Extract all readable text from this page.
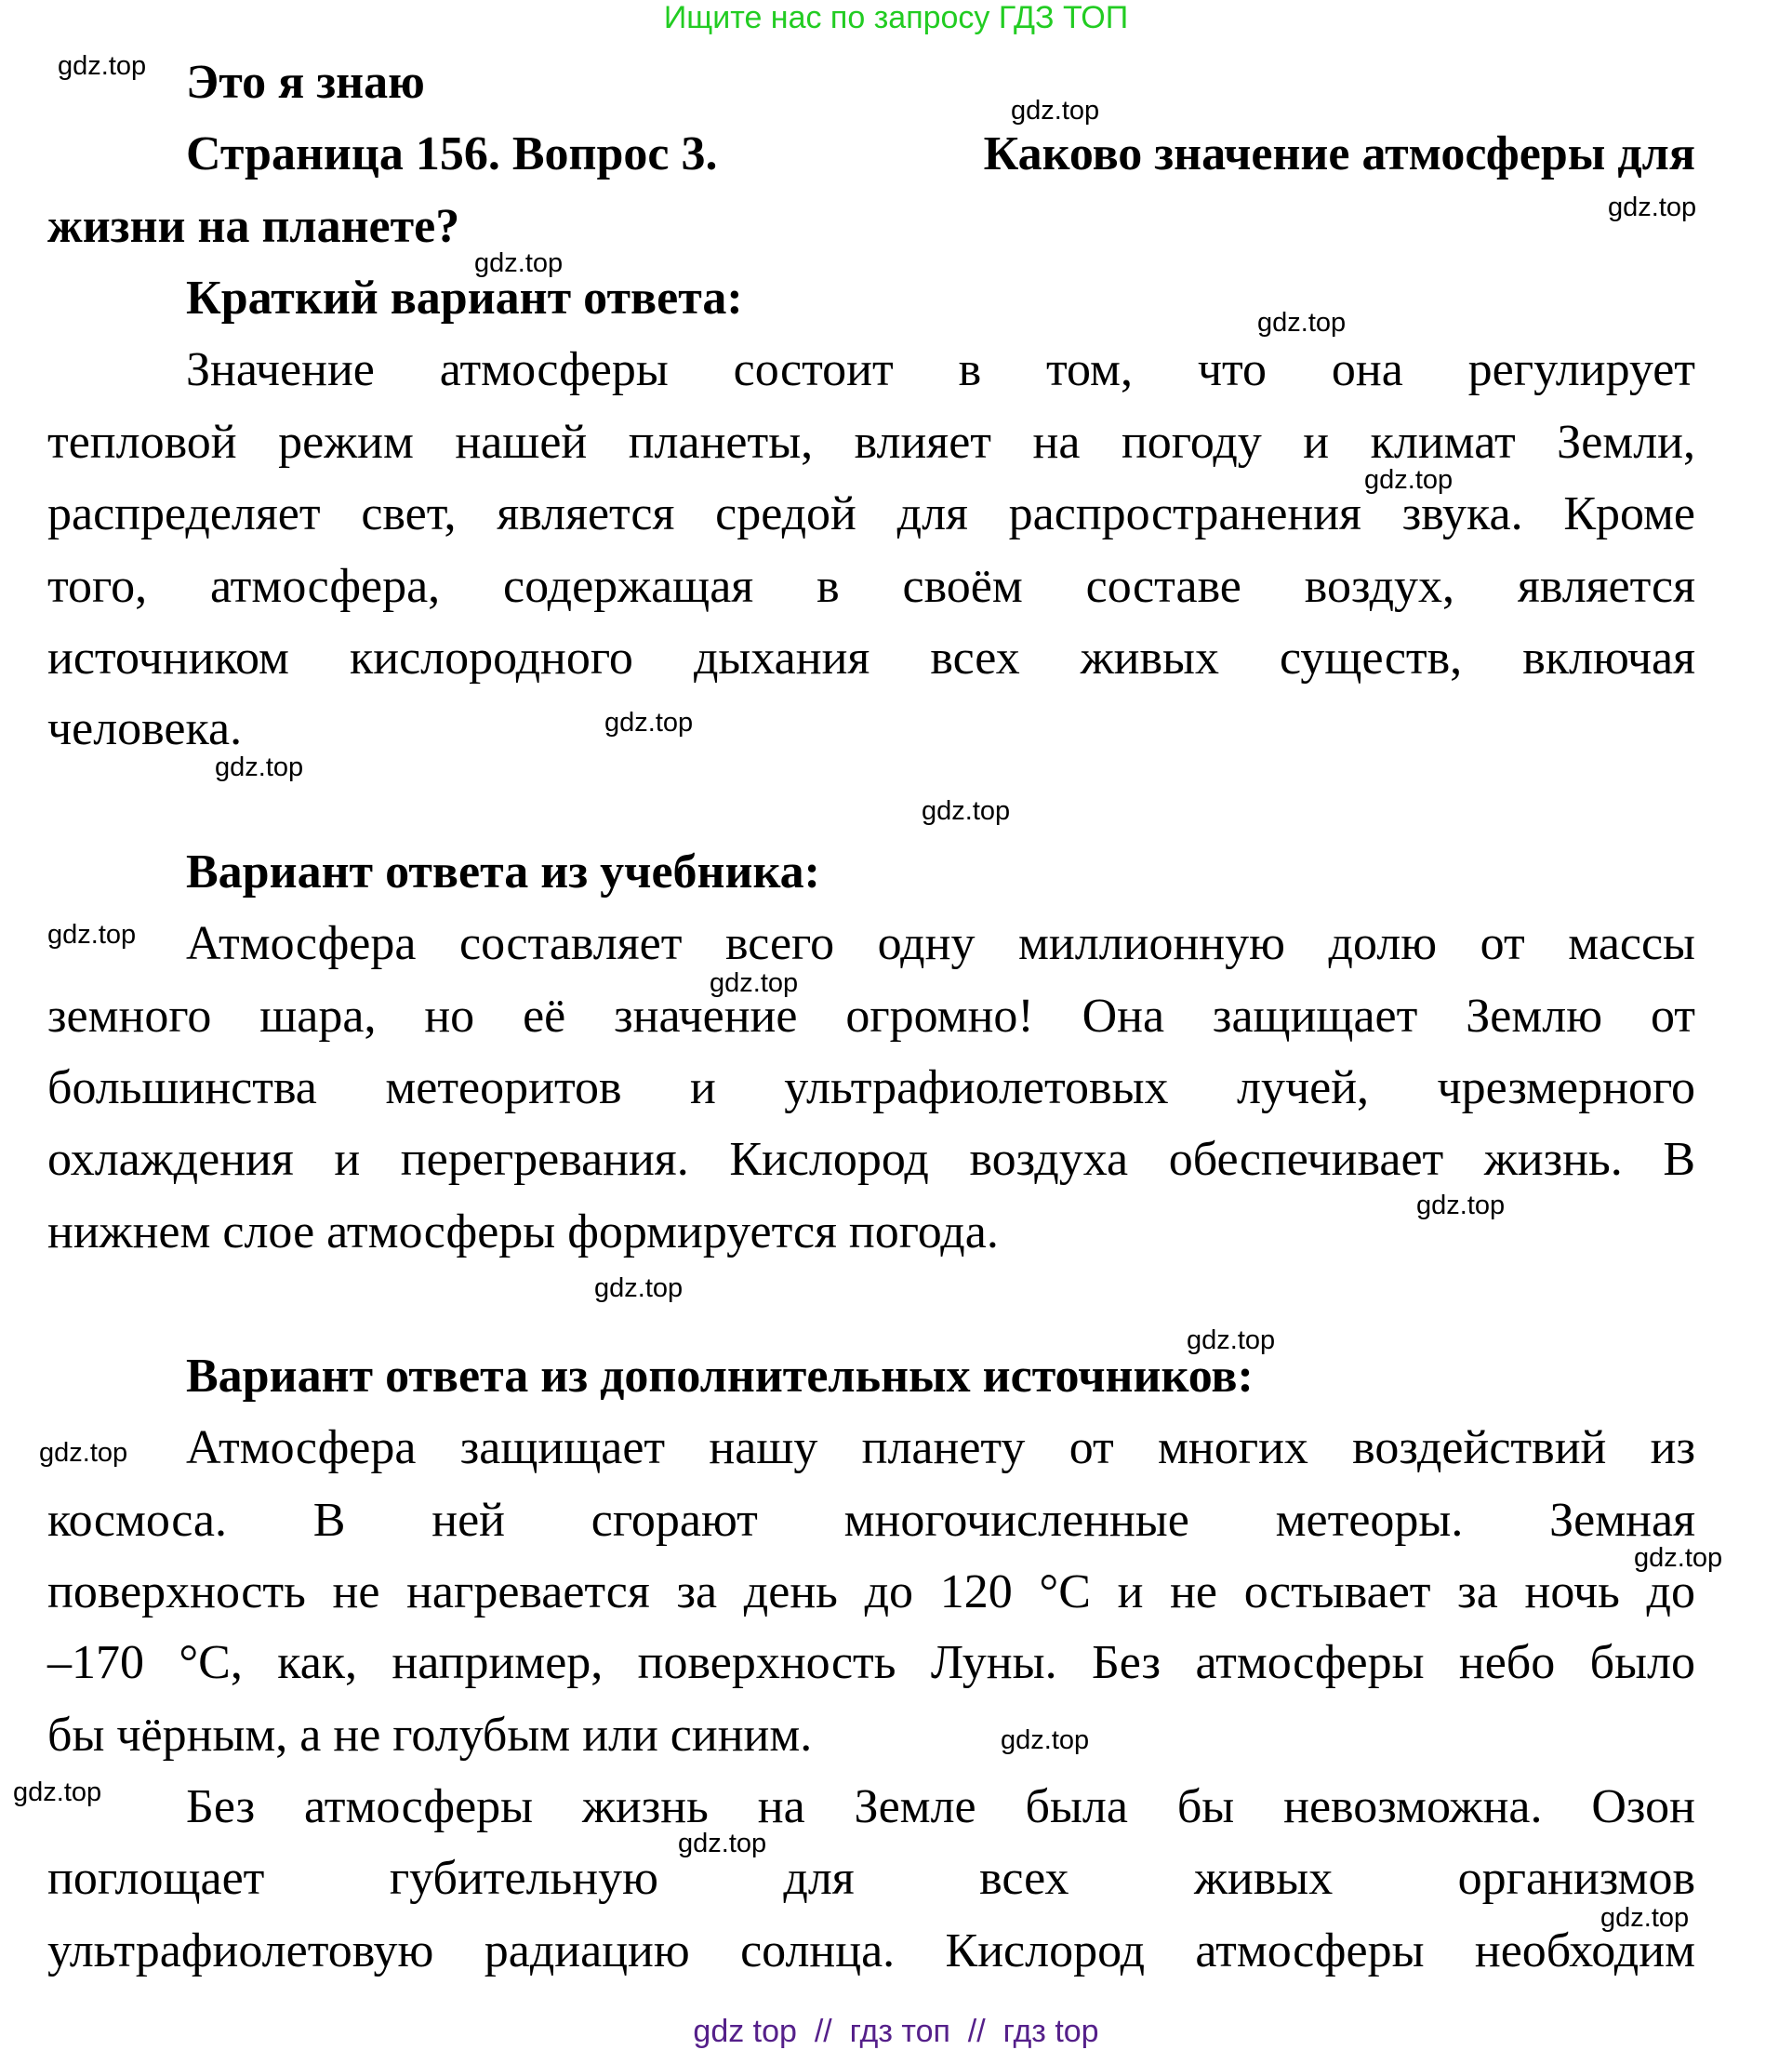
Ищите нас по запросу ГДЗ ТОП
Это я знаю
Страница 156. Вопрос 3.	Каково значение атмосферы для
жизни на планете?
Краткий вариант ответа:
Значение атмосферы состоит в том, что она регулирует
тепловой режим нашей планеты, влияет на погоду и климат Земли,
распределяет свет, является средой для распространения звука. Кроме
того, атмосфера, содержащая в своём составе воздух, является
источником кислородного дыхания всех живых существ, включая
человека.
Вариант ответа из учебника:
Атмосфера составляет всего одну миллионную долю от массы
земного шара, но её значение огромно! Она защищает Землю от
большинства метеоритов и ультрафиолетовых лучей, чрезмерного
охлаждения и перегревания. Кислород воздуха обеспечивает жизнь. В
нижнем слое атмосферы формируется погода.
Вариант ответа из дополнительных источников:
Атмосфера защищает нашу планету от многих воздействий из
космоса. В ней сгорают многочисленные метеоры. Земная
поверхность не нагревается за день до 120 °С и не остывает за ночь до
–170 °С, как, например, поверхность Луны. Без атмосферы небо было
бы чёрным, а не голубым или синим.
Без атмосферы жизнь на Земле была бы невозможна. Озон
поглощает губительную для всех живых организмов
ультрафиолетовую радиацию солнца. Кислород атмосферы необходим
gdz.top
gdz.top
gdz.top
gdz.top
gdz.top
gdz.top
gdz.top
gdz.top
gdz.top
gdz.top
gdz.top
gdz.top
gdz.top
gdz.top
gdz.top
gdz.top
gdz.top
gdz.top
gdz.top
gdz.top
gdz top  //  гдз топ  //  гдз top
